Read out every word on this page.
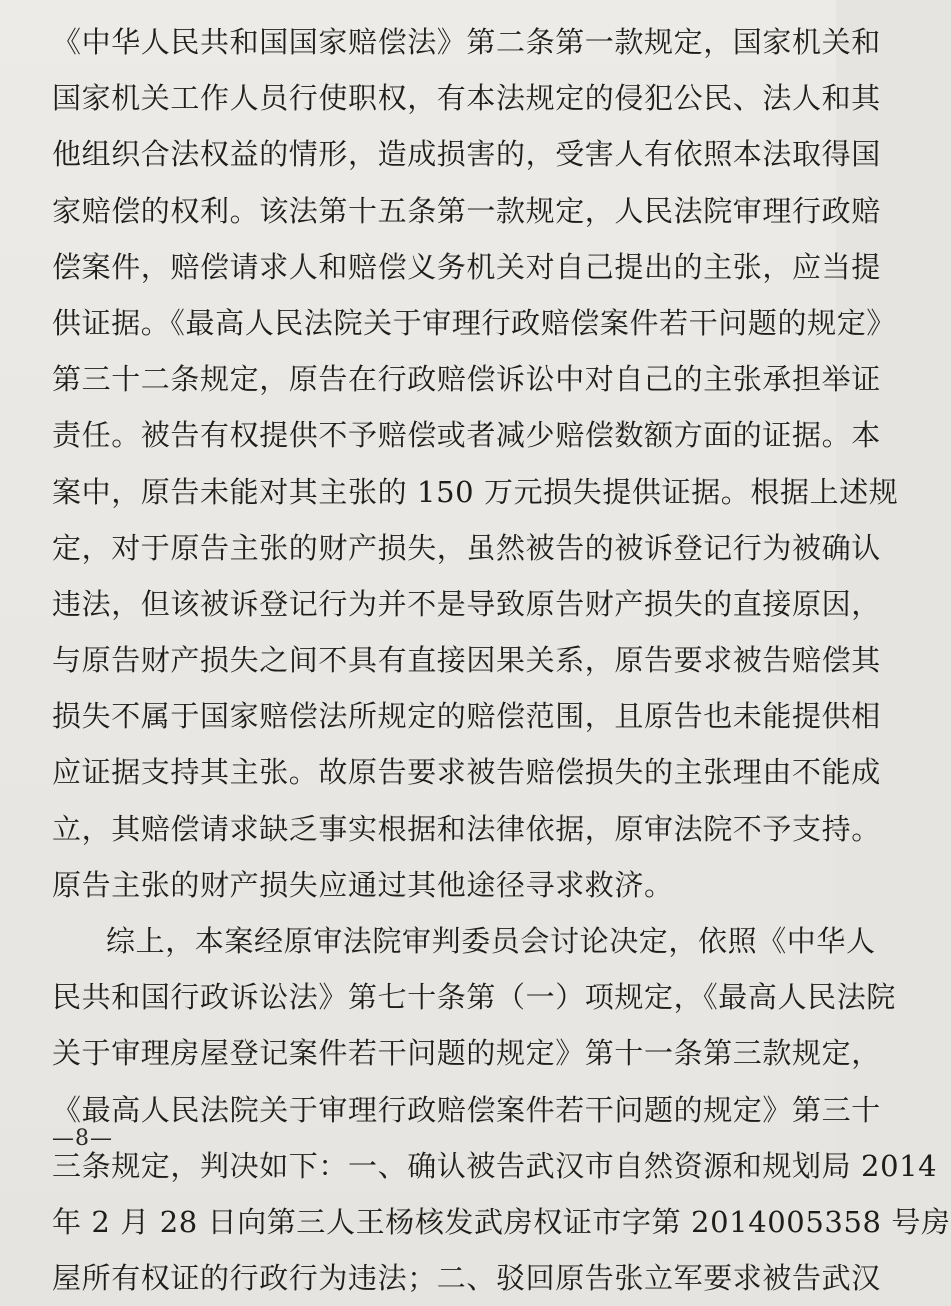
《中华人民共和国国家赔偿法》第二条第一款规定，国家机关和
国家机关工作人员行使职权，有本法规定的侵犯公民、法人和其
他组织合法权益的情形，造成损害的，受害人有依照本法取得国
家赔偿的权利。该法第十五条第一款规定，人民法院审理行政赔
偿案件，赔偿请求人和赔偿义务机关对自己提出的主张，应当提
供证据。《最高人民法院关于审理行政赔偿案件若干问题的规定》
第三十二条规定，原告在行政赔偿诉讼中对自己的主张承担举证
责任。被告有权提供不予赔偿或者减少赔偿数额方面的证据。本
案中，原告未能对其主张的 150 万元损失提供证据。根据上述规
定，对于原告主张的财产损失，虽然被告的被诉登记行为被确认
违法，但该被诉登记行为并不是导致原告财产损失的直接原因，
与原告财产损失之间不具有直接因果关系，原告要求被告赔偿其
损失不属于国家赔偿法所规定的赔偿范围，且原告也未能提供相
应证据支持其主张。故原告要求被告赔偿损失的主张理由不能成
立，其赔偿请求缺乏事实根据和法律依据，原审法院不予支持。
原告主张的财产损失应通过其他途径寻求救济。
综上，本案经原审法院审判委员会讨论决定，依照《中华人
民共和国行政诉讼法》第七十条第（一）项规定，《最高人民法院
关于审理房屋登记案件若干问题的规定》第十一条第三款规定，
《最高人民法院关于审理行政赔偿案件若干问题的规定》第三十
三条规定，判决如下：一、确认被告武汉市自然资源和规划局 2014
年 2 月 28 日向第三人王杨核发武房权证市字第 2014005358 号房
屋所有权证的行政行为违法；二、驳回原告张立军要求被告武汉
—8—
